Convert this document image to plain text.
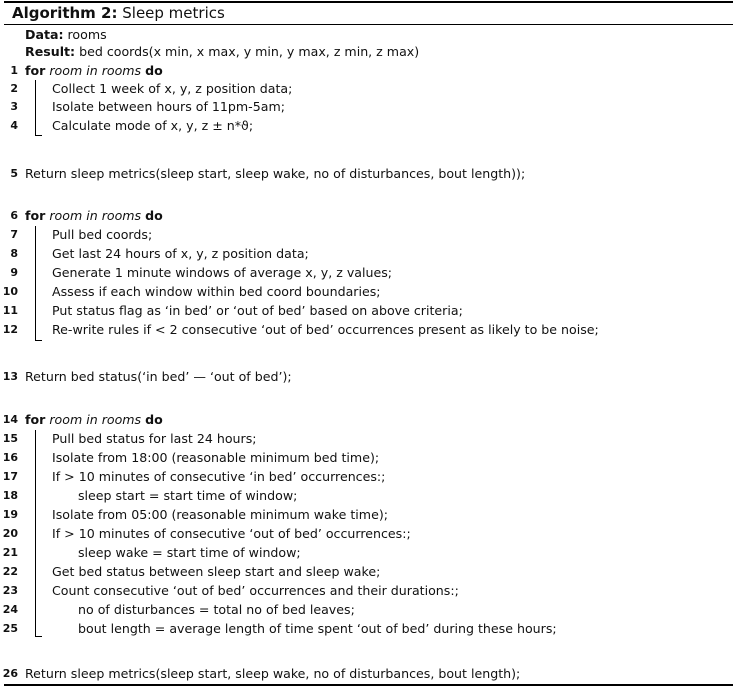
Algorithm 2: Sleep metrics
Data: rooms
Result: bed coords(x min, x max, y min, y max, z min, z max)
1 for room in rooms do
2	Collect 1 week of x, y, z position data;
3	Isolate between hours of 11pm-5am;
4	Calculate mode of x, y, z ± n*ϑ;
5 Return sleep metrics(sleep start, sleep wake, no of disturbances, bout length));
6 for room in rooms do
7	Pull bed coords;
8	Get last 24 hours of x, y, z position data;
9	Generate 1 minute windows of average x, y, z values;
10	Assess if each window within bed coord boundaries;
11	Put status flag as ‘in bed’ or ‘out of bed’ based on above criteria;
12	Re-write rules if < 2 consecutive ‘out of bed’ occurrences present as likely to be noise;
13 Return bed status(‘in bed’ — ‘out of bed’);
14 for room in rooms do
15	Pull bed status for last 24 hours;
16	Isolate from 18:00 (reasonable minimum bed time);
17	If > 10 minutes of consecutive ‘in bed’ occurrences:;
18	sleep start = start time of window;
19	Isolate from 05:00 (reasonable minimum wake time);
20	If > 10 minutes of consecutive ‘out of bed’ occurrences:;
21	sleep wake = start time of window;
22	Get bed status between sleep start and sleep wake;
23	Count consecutive ‘out of bed’ occurrences and their durations:;
24	no of disturbances = total no of bed leaves;
25	bout length = average length of time spent ‘out of bed’ during these hours;
26 Return sleep metrics(sleep start, sleep wake, no of disturbances, bout length);
